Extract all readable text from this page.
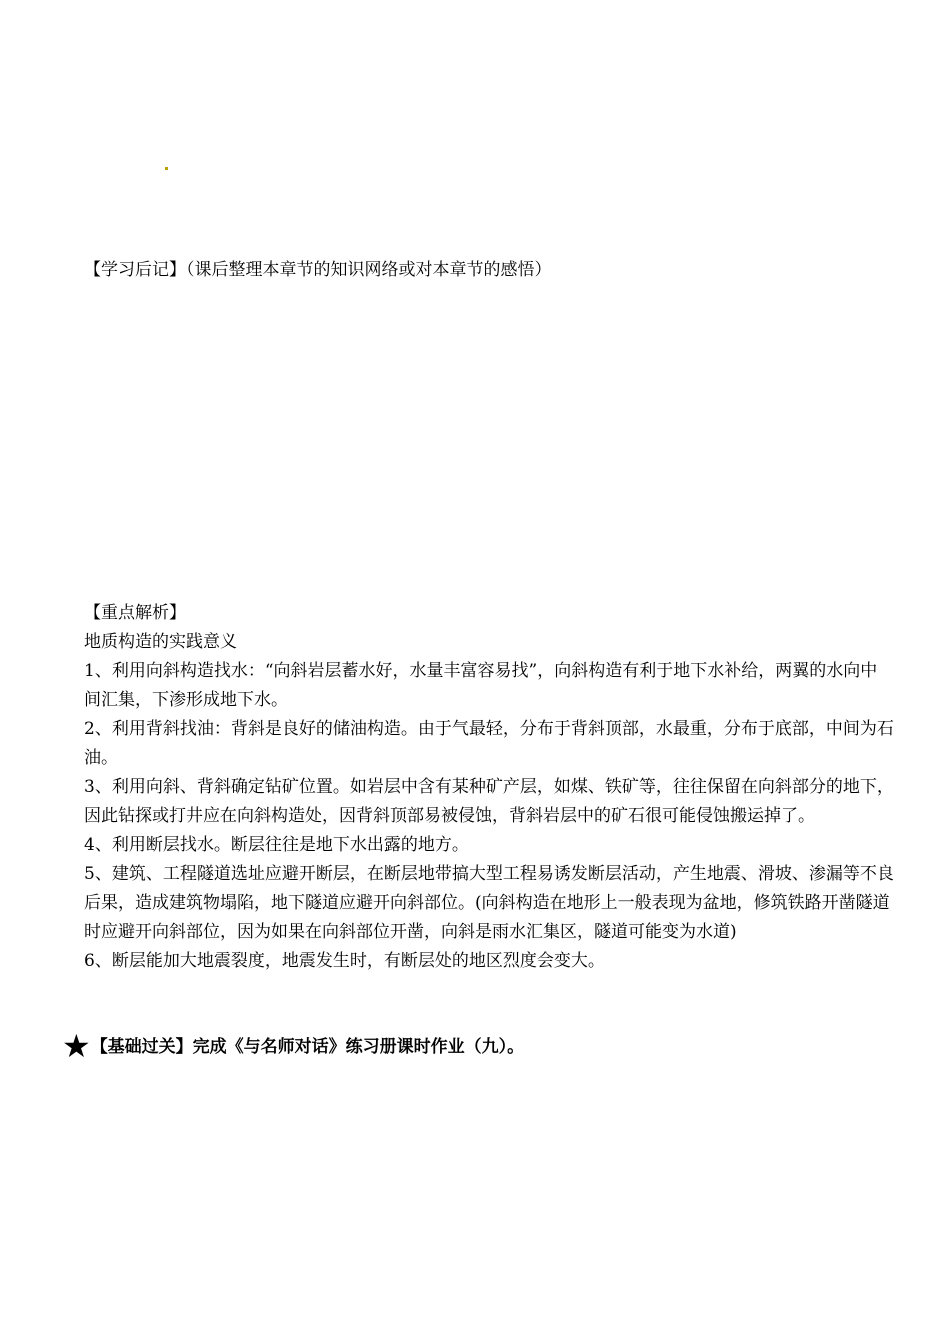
【学习后记】（课后整理本章节的知识网络或对本章节的感悟）

【重点解析】

地质构造的实践意义

1、利用向斜构造找水：“向斜岩层蓄水好，水量丰富容易找”，向斜构造有利于地下水补给，两翼的水向中间汇集，下渗形成地下水。

2、利用背斜找油：背斜是良好的储油构造。由于气最轻，分布于背斜顶部，水最重，分布于底部，中间为石油。

3、利用向斜、背斜确定钻矿位置。如岩层中含有某种矿产层，如煤、铁矿等，往往保留在向斜部分的地下，因此钻探或打井应在向斜构造处，因背斜顶部易被侵蚀，背斜岩层中的矿石很可能侵蚀搬运掉了。

4、利用断层找水。断层往往是地下水出露的地方。

5、建筑、工程隧道选址应避开断层，在断层地带搞大型工程易诱发断层活动，产生地震、滑坡、渗漏等不良后果，造成建筑物塌陷，地下隧道应避开向斜部位。(向斜构造在地形上一般表现为盆地，修筑铁路开凿隧道时应避开向斜部位，因为如果在向斜部位开凿，向斜是雨水汇集区，隧道可能变为水道)

6、断层能加大地震裂度，地震发生时，有断层处的地区烈度会变大。

★【基础过关】完成《与名师对话》练习册课时作业（九）。
